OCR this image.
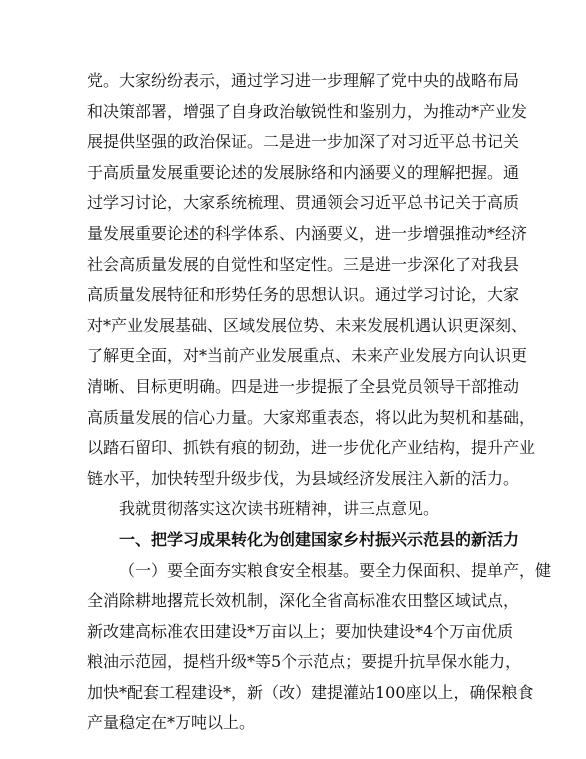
党。大家纷纷表示，通过学习进一步理解了党中央的战略布局
和决策部署，增强了自身政治敏锐性和鉴别力，为推动*产业发
展提供坚强的政治保证。二是进一步加深了对习近平总书记关
于高质量发展重要论述的发展脉络和内涵要义的理解把握。通
过学习讨论，大家系统梳理、贯通领会习近平总书记关于高质
量发展重要论述的科学体系、内涵要义，进一步增强推动*经济
社会高质量发展的自觉性和坚定性。三是进一步深化了对我县
高质量发展特征和形势任务的思想认识。通过学习讨论，大家
对*产业发展基础、区域发展位势、未来发展机遇认识更深刻、
了解更全面，对*当前产业发展重点、未来产业发展方向认识更
清晰、目标更明确。四是进一步提振了全县党员领导干部推动
高质量发展的信心力量。大家郑重表态，将以此为契机和基础，
以踏石留印、抓铁有痕的韧劲，进一步优化产业结构，提升产业
链水平，加快转型升级步伐，为县域经济发展注入新的活力。
我就贯彻落实这次读书班精神，讲三点意见。
一、把学习成果转化为创建国家乡村振兴示范县的新活力
（一）要全面夯实粮食安全根基。要全力保面积、提单产，健
全消除耕地撂荒长效机制，深化全省高标准农田整区域试点，
新改建高标准农田建设*万亩以上；要加快建设*4个万亩优质
粮油示范园，提档升级*等5个示范点；要提升抗旱保水能力，
加快*配套工程建设*，新（改）建提灌站100座以上，确保粮食
产量稳定在*万吨以上。
